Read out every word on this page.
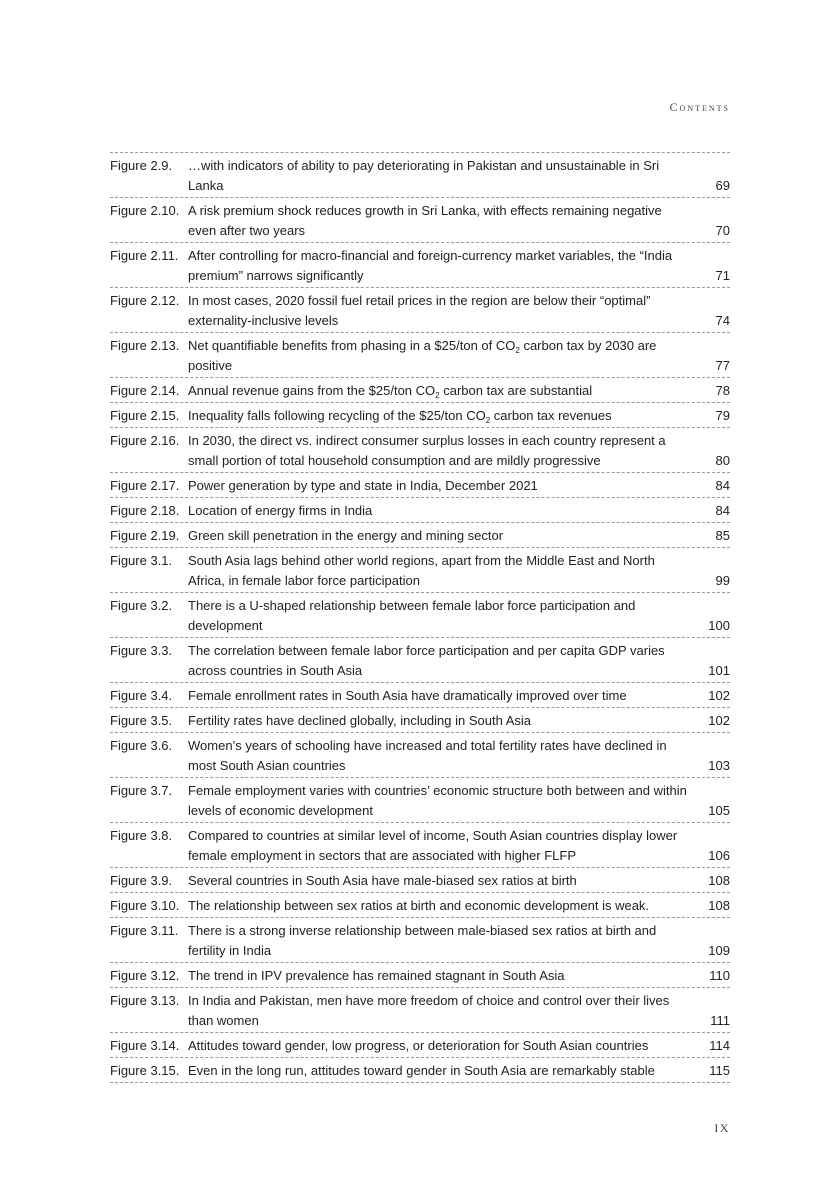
Contents
Figure 2.9.	…with indicators of ability to pay deteriorating in Pakistan and unsustainable in Sri Lanka	69
Figure 2.10. A risk premium shock reduces growth in Sri Lanka, with effects remaining negative even after two years	70
Figure 2.11. After controlling for macro-financial and foreign-currency market variables, the “India premium” narrows significantly	71
Figure 2.12. In most cases, 2020 fossil fuel retail prices in the region are below their “optimal” externality-inclusive levels	74
Figure 2.13. Net quantifiable benefits from phasing in a $25/ton of $CO_2$ carbon tax by 2030 are positive	77
Figure 2.14. Annual revenue gains from the $25/ton $CO_2$ carbon tax are substantial	78
Figure 2.15. Inequality falls following recycling of the $25/ton $CO_2$ carbon tax revenues	79
Figure 2.16. In 2030, the direct vs. indirect consumer surplus losses in each country represent a small portion of total household consumption and are mildly progressive	80
Figure 2.17. Power generation by type and state in India, December 2021	84
Figure 2.18. Location of energy firms in India	84
Figure 2.19. Green skill penetration in the energy and mining sector	85
Figure 3.1.	South Asia lags behind other world regions, apart from the Middle East and North Africa, in female labor force participation	99
Figure 3.2.	There is a U-shaped relationship between female labor force participation and development	100
Figure 3.3.	The correlation between female labor force participation and per capita GDP varies across countries in South Asia	101
Figure 3.4.	Female enrollment rates in South Asia have dramatically improved over time	102
Figure 3.5.	Fertility rates have declined globally, including in South Asia	102
Figure 3.6.	Women’s years of schooling have increased and total fertility rates have declined in most South Asian countries	103
Figure 3.7.	Female employment varies with countries’ economic structure both between and within levels of economic development	105
Figure 3.8.	Compared to countries at similar level of income, South Asian countries display lower female employment in sectors that are associated with higher FLFP	106
Figure 3.9.	Several countries in South Asia have male-biased sex ratios at birth	108
Figure 3.10. The relationship between sex ratios at birth and economic development is weak.	108
Figure 3.11. There is a strong inverse relationship between male-biased sex ratios at birth and fertility in India	109
Figure 3.12. The trend in IPV prevalence has remained stagnant in South Asia	110
Figure 3.13. In India and Pakistan, men have more freedom of choice and control over their lives than women	111
Figure 3.14. Attitudes toward gender, low progress, or deterioration for South Asian countries	114
Figure 3.15. Even in the long run, attitudes toward gender in South Asia are remarkably stable	115
IX
